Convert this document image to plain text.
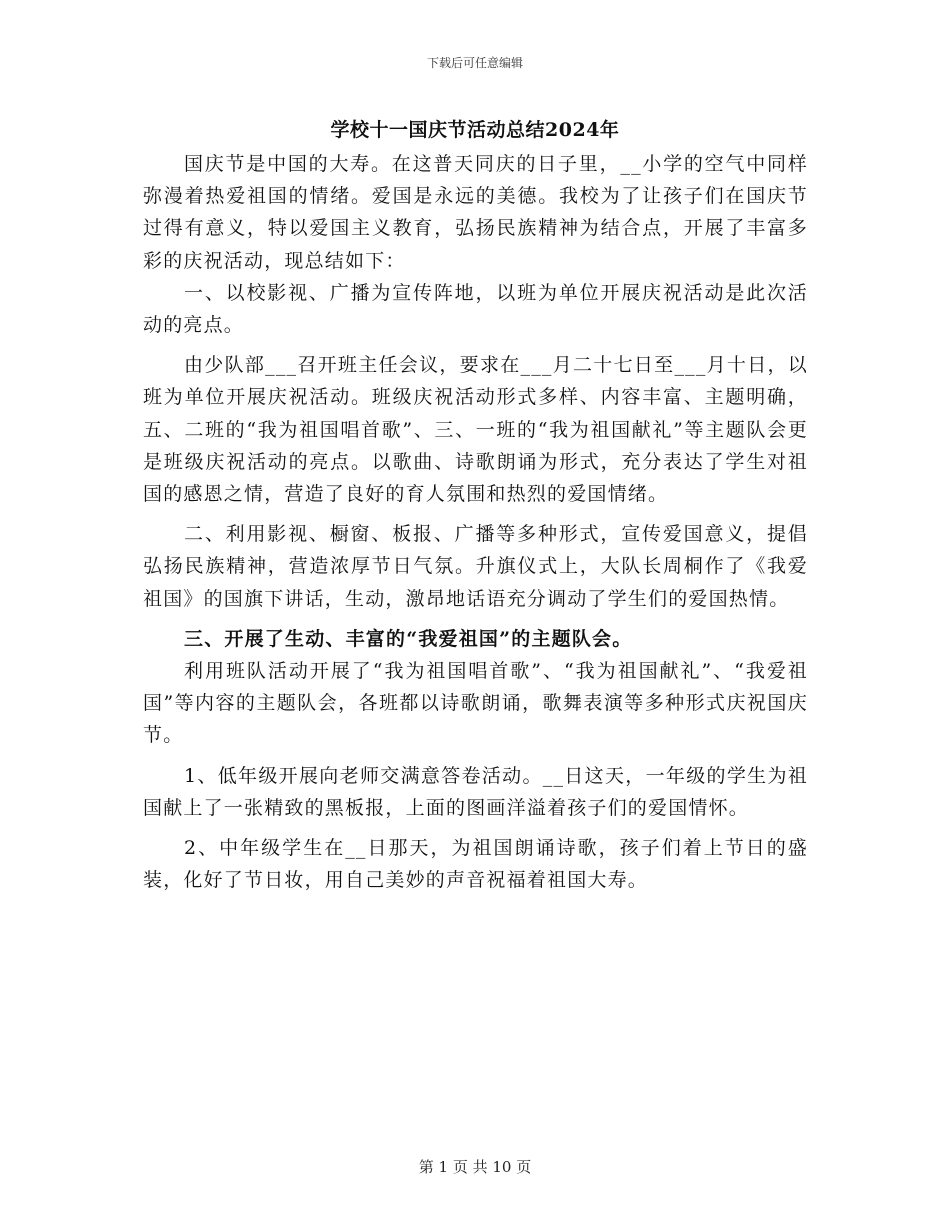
下载后可任意编辑
学校十一国庆节活动总结2024年

国庆节是中国的大寿。在这普天同庆的日子里，__小学的空气中同样弥漫着热爱祖国的情绪。爱国是永远的美德。我校为了让孩子们在国庆节过得有意义，特以爱国主义教育，弘扬民族精神为结合点，开展了丰富多彩的庆祝活动，现总结如下：

一、以校影视、广播为宣传阵地，以班为单位开展庆祝活动是此次活动的亮点。

由少队部___召开班主任会议，要求在___月二十七日至___月十日，以班为单位开展庆祝活动。班级庆祝活动形式多样、内容丰富、主题明确，五、二班的“我为祖国唱首歌”、三、一班的“我为祖国献礼”等主题队会更是班级庆祝活动的亮点。以歌曲、诗歌朗诵为形式，充分表达了学生对祖国的感恩之情，营造了良好的育人氛围和热烈的爱国情绪。

二、利用影视、橱窗、板报、广播等多种形式，宣传爱国意义，提倡弘扬民族精神，营造浓厚节日气氛。升旗仪式上，大队长周桐作了《我爱祖国》的国旗下讲话，生动，激昂地话语充分调动了学生们的爱国热情。

三、开展了生动、丰富的“我爱祖国”的主题队会。

利用班队活动开展了“我为祖国唱首歌”、“我为祖国献礼”、“我爱祖国”等内容的主题队会，各班都以诗歌朗诵，歌舞表演等多种形式庆祝国庆节。

1、低年级开展向老师交满意答卷活动。__日这天，一年级的学生为祖国献上了一张精致的黑板报，上面的图画洋溢着孩子们的爱国情怀。

2、中年级学生在__日那天，为祖国朗诵诗歌，孩子们着上节日的盛装，化好了节日妆，用自己美妙的声音祝福着祖国大寿。

第 1 页 共 10 页
